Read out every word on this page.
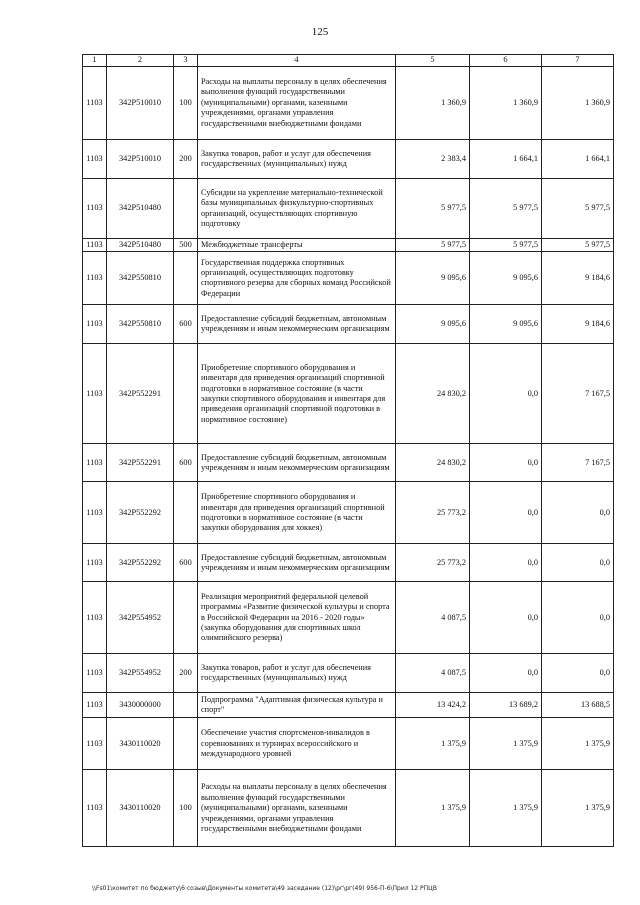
125
1	2	3	4	5	6	7
1103	342P510010	100	Расходы на выплаты персоналу в целях обеспечения выполнения функций государственными (муниципальными) органами, казенными учреждениями, органами управления государственными внебюджетными фондами	1 360,9	1 360,9	1 360,9
1103	342P510010	200	Закупка товаров, работ и услуг для обеспечения государственных (муниципальных) нужд	2 383,4	1 664,1	1 664,1
1103	342P510480		Субсидии на укрепление материально-технической базы муниципальных физкультурно-спортивных организаций, осуществляющих спортивную подготовку	5 977,5	5 977,5	5 977,5
1103	342P510480	500	Межбюджетные трансферты	5 977,5	5 977,5	5 977,5
1103	342P550810		Государственная поддержка спортивных организаций, осуществляющих подготовку спортивного резерва для сборных команд Российской Федерации	9 095,6	9 095,6	9 184,6
1103	342P550810	600	Предоставление субсидий бюджетным, автономным учреждениям и иным некоммерческим организациям	9 095,6	9 095,6	9 184,6
1103	342P552291		Приобретение спортивного оборудования и инвентаря для приведения организаций спортивной подготовки в нормативное состояние (в части закупки спортивного оборудования и инвентаря для приведения организаций спортивной подготовки в нормативное состояние)	24 830,2	0,0	7 167,5
1103	342P552291	600	Предоставление субсидий бюджетным, автономным учреждениям и иным некоммерческим организациям	24 830,2	0,0	7 167,5
1103	342P552292		Приобретение спортивного оборудования и инвентаря для приведения организаций спортивной подготовки в нормативное состояние (в части закупки оборудования для хоккея)	25 773,2	0,0	0,0
1103	342P552292	600	Предоставление субсидий бюджетным, автономным учреждениям и иным некоммерческим организациям	25 773,2	0,0	0,0
1103	342P554952		Реализация мероприятий федеральной целевой программы «Развитие физической культуры и спорта в Российской Федерации на 2016 - 2020 годы» (закупка оборудования для спортивных школ олимпийского резерва)	4 087,5	0,0	0,0
1103	342P554952	200	Закупка товаров, работ и услуг для обеспечения государственных (муниципальных) нужд	4 087,5	0,0	0,0
1103	3430000000		Подпрограмма "Адаптивная физическая культура и спорт"	13 424,2	13 689,2	13 688,5
1103	3430110020		Обеспечение участия спортсменов-инвалидов в соревнованиях и турнирах всероссийского и международного уровней	1 375,9	1 375,9	1 375,9
1103	3430110020	100	Расходы на выплаты персоналу в целях обеспечения выполнения функций государственными (муниципальными) органами, казенными учреждениями, органами управления государственными внебюджетными фондами	1 375,9	1 375,9	1 375,9
\\Fs01\комитет по бюджету\6 созыв\Документы комитета\49 заседание (12)\рг\рг(49) 956-П-6\Прил 12 РПЦВ
